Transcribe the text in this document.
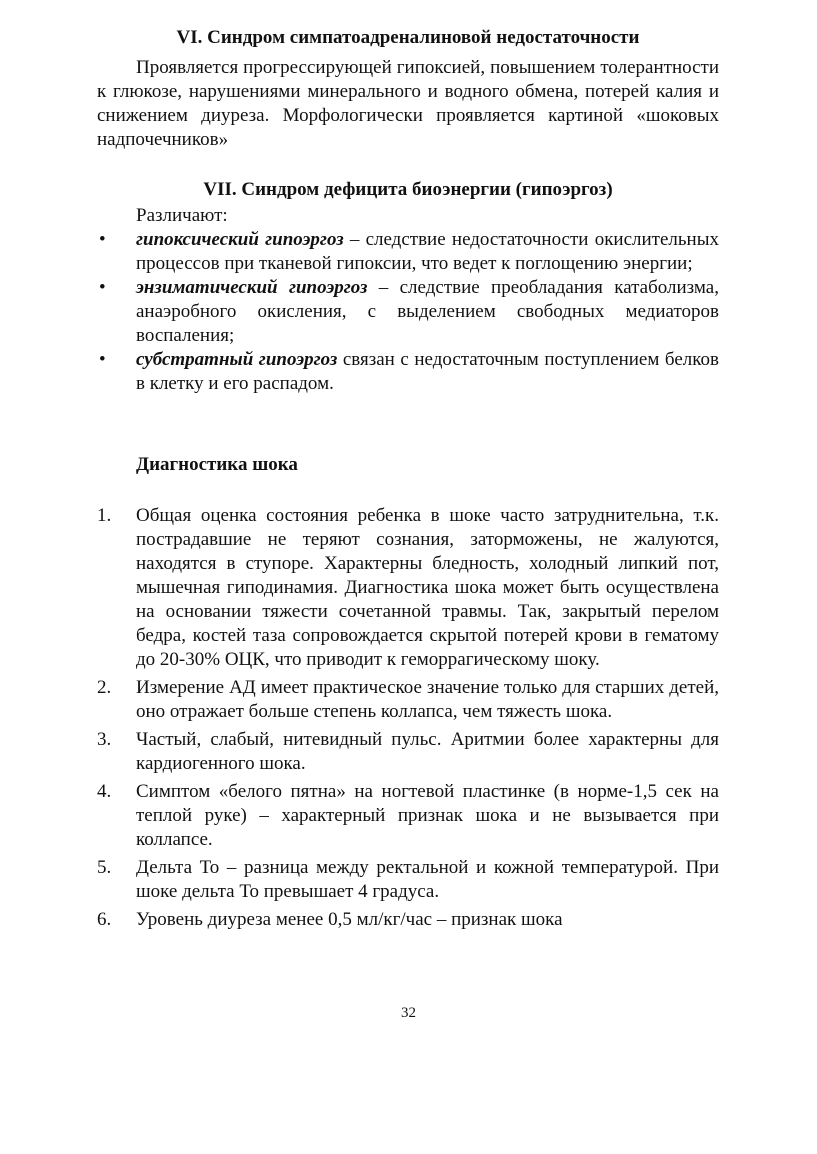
VI. Синдром симпатоадреналиновой недостаточности

Проявляется прогрессирующей гипоксией, повышением толерантности к глюкозе, нарушениями минерального и водного обмена, потерей калия и снижением диуреза. Морфологически проявляется картиной «шоковых надпочечников»

VII. Синдром дефицита биоэнергии (гипоэргоз)

Различают:

•	гипоксический гипоэргоз – следствие недостаточности окислительных процессов при тканевой гипоксии, что ведет к поглощению энергии;
•	энзиматический гипоэргоз – следствие преобладания катаболизма, анаэробного окисления, с выделением свободных медиаторов воспаления;
•	субстратный гипоэргоз связан с недостаточным поступлением белков в клетку и его распадом.
Диагностика шока
1.	Общая оценка состояния ребенка в шоке часто затруднительна, т.к. пострадавшие не теряют сознания, заторможены, не жалуются, находятся в ступоре. Характерны бледность, холодный липкий пот, мышечная гиподинамия. Диагностика шока может быть осуществлена на основании тяжести сочетанной травмы. Так, закрытый перелом бедра, костей таза сопровождается скрытой потерей крови в гематому до 20-30% ОЦК, что приводит к геморрагическому шоку.
2.	Измерение АД имеет практическое значение только для старших детей, оно отражает больше степень коллапса, чем тяжесть шока.
3.	Частый, слабый, нитевидный пульс. Аритмии более характерны для кардиогенного шока.
4.	Симптом «белого пятна» на ногтевой пластинке (в норме-1,5 сек на теплой руке) – характерный признак шока и не вызывается при коллапсе.
5.	Дельта То – разница между ректальной и кожной температурой. При шоке дельта То превышает 4 градуса.
6.	Уровень диуреза менее 0,5 мл/кг/час – признак шока
32
